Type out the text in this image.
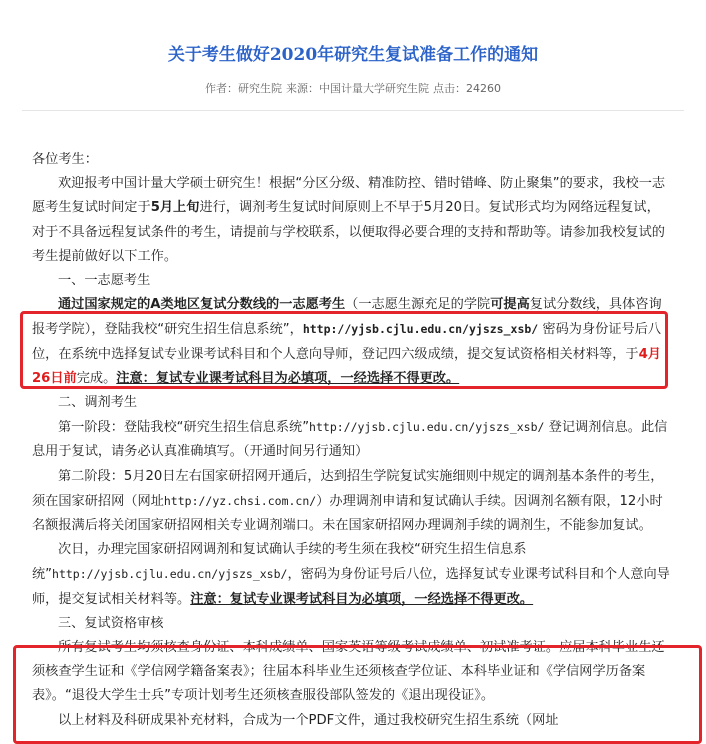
关于考生做好2020年研究生复试准备工作的通知
作者：研究生院 来源：中国计量大学研究生院 点击：24260

各位考生：

欢迎报考中国计量大学硕士研究生！根据“分区分级、精准防控、错时错峰、防止聚集”的要求，我校一志愿考生复试时间定于5月上旬进行，调剂考生复试时间原则上不早于5月20日。复试形式均为网络远程复试，对于不具备远程复试条件的考生，请提前与学校联系，以便取得必要合理的支持和帮助等。请参加我校复试的考生提前做好以下工作。

一、一志愿考生

通过国家规定的A类地区复试分数线的一志愿考生（一志愿生源充足的学院可提高复试分数线，具体咨询报考学院），登陆我校“研究生招生信息系统”，http://yjsb.cjlu.edu.cn/yjszs_xsb/ 密码为身份证号后八位，在系统中选择复试专业课考试科目和个人意向导师，登记四六级成绩，提交复试资格相关材料等，于4月26日前完成。注意：复试专业课考试科目为必填项，一经选择不得更改。

二、调剂考生

第一阶段：登陆我校“研究生招生信息系统”http://yjsb.cjlu.edu.cn/yjszs_xsb/ 登记调剂信息。此信息用于复试，请务必认真准确填写。（开通时间另行通知）

第二阶段：5月20日左右国家研招网开通后，达到招生学院复试实施细则中规定的调剂基本条件的考生，须在国家研招网（网址http://yz.chsi.com.cn/）办理调剂申请和复试确认手续。因调剂名额有限，12小时名额报满后将关闭国家研招网相关专业调剂端口。未在国家研招网办理调剂手续的调剂生，不能参加复试。

次日，办理完国家研招网调剂和复试确认手续的考生须在我校“研究生招生信息系统”http://yjsb.cjlu.edu.cn/yjszs_xsb/，密码为身份证号后八位，选择复试专业课考试科目和个人意向导师，提交复试相关材料等。注意：复试专业课考试科目为必填项，一经选择不得更改。

三、复试资格审核

所有复试考生均须核查身份证、本科成绩单、国家英语等级考试成绩单、初试准考证。应届本科毕业生还须核查学生证和《学信网学籍备案表》；往届本科毕业生还须核查学位证、本科毕业证和《学信网学历备案表》。“退役大学生士兵”专项计划考生还须核查服役部队签发的《退出现役证》。

以上材料及科研成果补充材料，合成为一个PDF文件，通过我校研究生招生系统（网址
